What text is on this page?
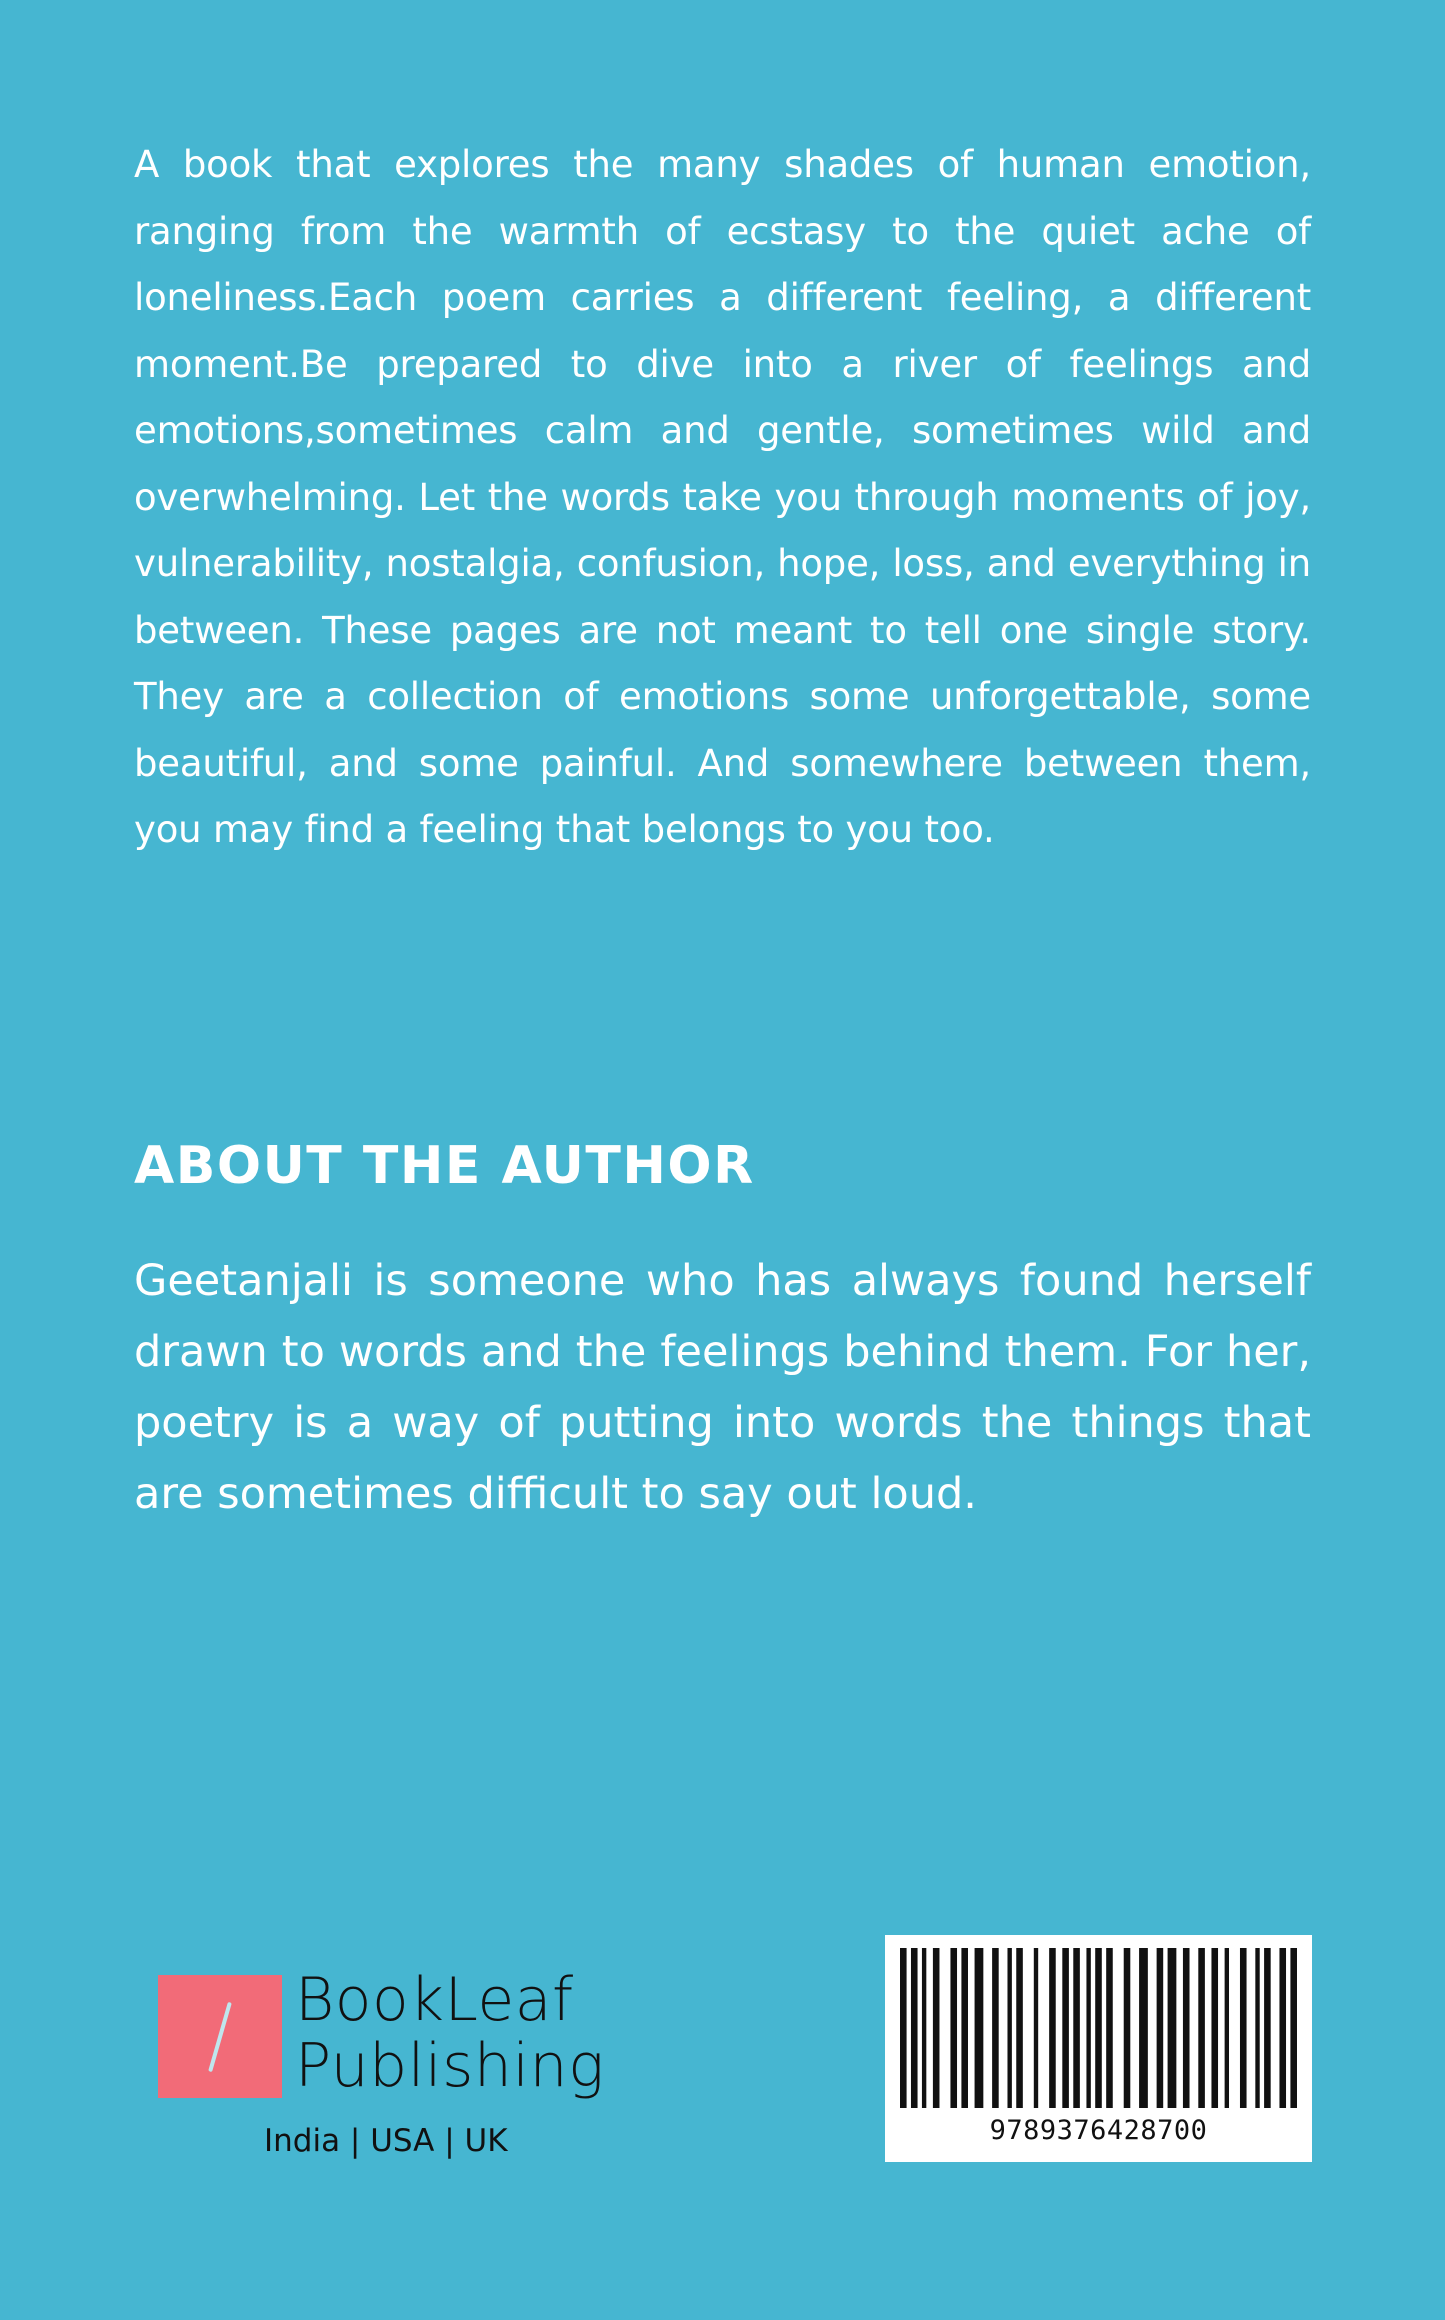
A book that explores the many shades of human emotion, ranging from the warmth of ecstasy to the quiet ache of loneliness.Each poem carries a different feeling, a different moment.Be prepared to dive into a river of feelings and emotions,sometimes calm and gentle, sometimes wild and overwhelming. Let the words take you through moments of joy, vulnerability, nostalgia, confusion, hope, loss, and everything in between. These pages are not meant to tell one single story. They are a collection of emotions some unforgettable, some beautiful, and some painful. And somewhere between them, you may find a feeling that belongs to you too.

ABOUT THE AUTHOR

Geetanjali is someone who has always found herself drawn to words and the feelings behind them. For her, poetry is a way of putting into words the things that are sometimes difficult to say out loud.

BookLeaf
Publishing
India | USA | UK	9789376428700
